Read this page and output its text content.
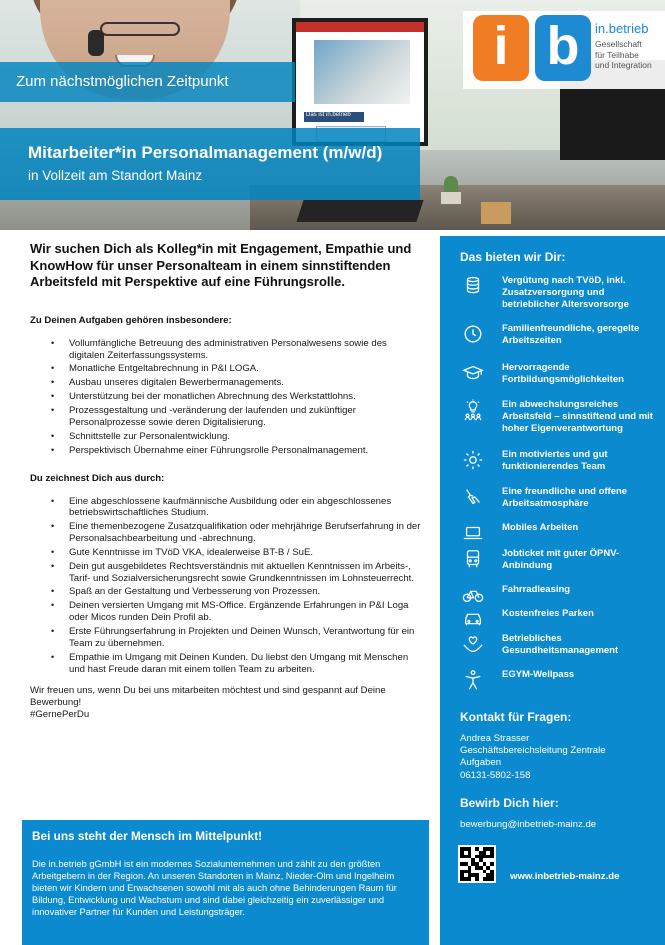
Das ist in.betrieb
Zum nächstmöglichen Zeitpunkt
Mitarbeiter*in Personalmanagement (m/w/d)
in Vollzeit am Standort Mainz
i b	in.betrieb
Gesellschaft
für Teilhabe
und Integration
Wir suchen Dich als Kolleg*in mit Engagement, Empathie und KnowHow für unser Personalteam in einem sinnstiftenden Arbeitsfeld mit Perspektive auf eine Führungsrolle.
Zu Deinen Aufgaben gehören insbesondere:
• Vollumfängliche Betreuung des administrativen Personalwesens sowie des digitalen Zeiterfassungssystems.
• Monatliche Entgeltabrechnung in P&I LOGA.
• Ausbau unseres digitalen Bewerbermanagements.
• Unterstützung bei der monatlichen Abrechnung des Werkstattlohns.
• Prozessgestaltung und -veränderung der laufenden und zukünftiger Personalprozesse sowie deren Digitalisierung.
• Schnittstelle zur Personalentwicklung.
• Perspektivisch Übernahme einer Führungsrolle Personalmanagement.
Du zeichnest Dich aus durch:
• Eine abgeschlossene kaufmännische Ausbildung oder ein abgeschlossenes betriebswirtschaftliches Studium.
• Eine themenbezogene Zusatzqualifikation oder mehrjährige Berufserfahrung in der Personalsachbearbeitung und -abrechnung.
• Gute Kenntnisse im TVöD VKA, idealerweise BT-B / SuE.
• Dein gut ausgebildetes Rechtsverständnis mit aktuellen Kenntnissen im Arbeits-, Tarif- und Sozialversicherungsrecht sowie Grundkenntnissen im Lohnsteuerrecht.
• Spaß an der Gestaltung und Verbesserung von Prozessen.
• Deinen versierten Umgang mit MS-Office. Ergänzende Erfahrungen in P&I Loga oder Micos runden Dein Profil ab.
• Erste Führungserfahrung in Projekten und Deinen Wunsch, Verantwortung für ein Team zu übernehmen.
• Empathie im Umgang mit Deinen Kunden. Du liebst den Umgang mit Menschen und hast Freude daran mit einem tollen Team zu arbeiten.
Wir freuen uns, wenn Du bei uns mitarbeiten möchtest und sind gespannt auf Deine Bewerbung!
#GernePerDu
Bei uns steht der Mensch im Mittelpunkt!
Die in.betrieb gGmbH ist ein modernes Sozialunternehmen und zählt zu den größten Arbeitgebern in der Region. An unseren Standorten in Mainz, Nieder-Olm und Ingelheim bieten wir Kindern und Erwachsenen sowohl mit als auch ohne Behinderungen Raum für Bildung, Entwicklung und Wachstum und sind dabei gleichzeitig ein zuverlässiger und innovativer Partner für Kunden und Leistungsträger.
Das bieten wir Dir:
Vergütung nach TVöD, inkl. Zusatzversorgung und betrieblicher Altersvorsorge
Familienfreundliche, geregelte Arbeitszeiten
Hervorragende Fortbildungsmöglichkeiten
Ein abwechslungsreiches Arbeitsfeld – sinnstiftend und mit hoher Eigenverantwortung
Ein motiviertes und gut funktionierendes Team
Eine freundliche und offene Arbeitsatmosphäre
Mobiles Arbeiten
Jobticket mit guter ÖPNV-Anbindung
Fahrradleasing
Kostenfreies Parken
Betriebliches Gesundheitsmanagement
EGYM-Wellpass
Kontakt für Fragen:
Andrea Strasser
Geschäftsbereichsleitung Zentrale
Aufgaben
06131-5802-158
Bewirb Dich hier:
bewerbung@inbetrieb-mainz.de
www.inbetrieb-mainz.de
